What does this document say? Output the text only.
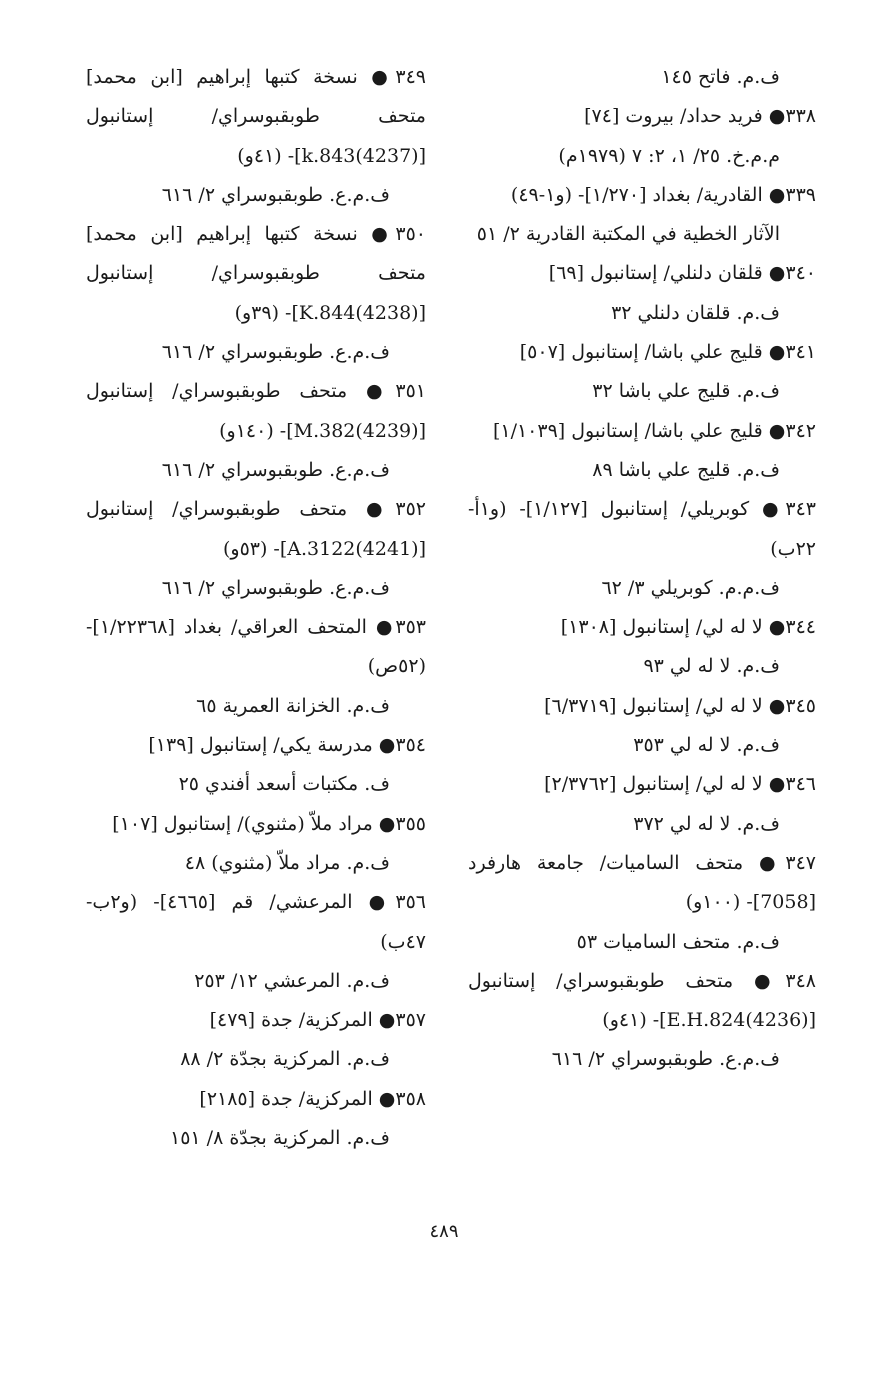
ف.م. فاتح ١٤٥

٣٣٨● فريد حداد/ بيروت [٧٤]

م.م.خ. ٢٥/ ١، ٢: ٧ (١٩٧٩م)

٣٣٩● القادرية/ بغداد [١/٢٧٠]- (و١-٤٩)

الآثار الخطية في المكتبة القادرية ٢/ ٥١

٣٤٠● قلقان دلنلي/ إستانبول [٦٩]

ف.م. قلقان دلنلي ٣٢

٣٤١● قليج علي باشا/ إستانبول [٥٠٧]

ف.م. قليج علي باشا ٣٢

٣٤٢● قليج علي باشا/ إستانبول [١/١٠٣٩]

ف.م. قليج علي باشا ٨٩

٣٤٣● كوبريلي/ إستانبول [١/١٢٧]- (و١أ- ٢٢ب)

ف.م.م. كوبريلي ٣/ ٦٢

٣٤٤● لا له لي/ إستانبول [١٣٠٨]

ف.م. لا له لي ٩٣

٣٤٥● لا له لي/ إستانبول [٦/٣٧١٩]

ف.م. لا له لي ٣٥٣

٣٤٦● لا له لي/ إستانبول [٢/٣٧٦٢]

ف.م. لا له لي ٣٧٢

٣٤٧● متحف الساميات/ جامعة هارفرد [7058]- (١٠٠و)

ف.م. متحف الساميات ٥٣

٣٤٨● متحف طوبقبوسراي/ إستانبول [E.H.824(4236)]- (٤١و)

ف.م.ع. طوبقبوسراي ٢/ ٦١٦

٣٤٩● نسخة كتبها إبراهيم [ابن محمد] متحف طوبقبوسراي/ إستانبول [k.843(4237)]- (٤١و)

ف.م.ع. طوبقبوسراي ٢/ ٦١٦

٣٥٠● نسخة كتبها إبراهيم [ابن محمد] متحف طوبقبوسراي/ إستانبول [K.844(4238)]- (٣٩و)

ف.م.ع. طوبقبوسراي ٢/ ٦١٦

٣٥١● متحف طوبقبوسراي/ إستانبول [M.382(4239)]- (١٤٠و)

ف.م.ع. طوبقبوسراي ٢/ ٦١٦

٣٥٢● متحف طوبقبوسراي/ إستانبول [A.3122(4241)]- (٥٣و)

ف.م.ع. طوبقبوسراي ٢/ ٦١٦

٣٥٣● المتحف العراقي/ بغداد [١/٢٢٣٦٨]- (٥٢ص)

ف.م. الخزانة العمرية ٦٥

٣٥٤● مدرسة يكي/ إستانبول [١٣٩]

ف. مكتبات أسعد أفندي ٢٥

٣٥٥● مراد ملاّ (مثنوي)/ إستانبول [١٠٧]

ف.م. مراد ملاّ (مثنوي) ٤٨

٣٥٦● المرعشي/ قم [٤٦٦٥]- (و٢ب- ٤٧ب)

ف.م. المرعشي ١٢/ ٢٥٣

٣٥٧● المركزية/ جدة [٤٧٩]

ف.م. المركزية بجدّة ٢/ ٨٨

٣٥٨● المركزية/ جدة [٢١٨٥]

ف.م. المركزية بجدّة ٨/ ١٥١

٤٨٩
